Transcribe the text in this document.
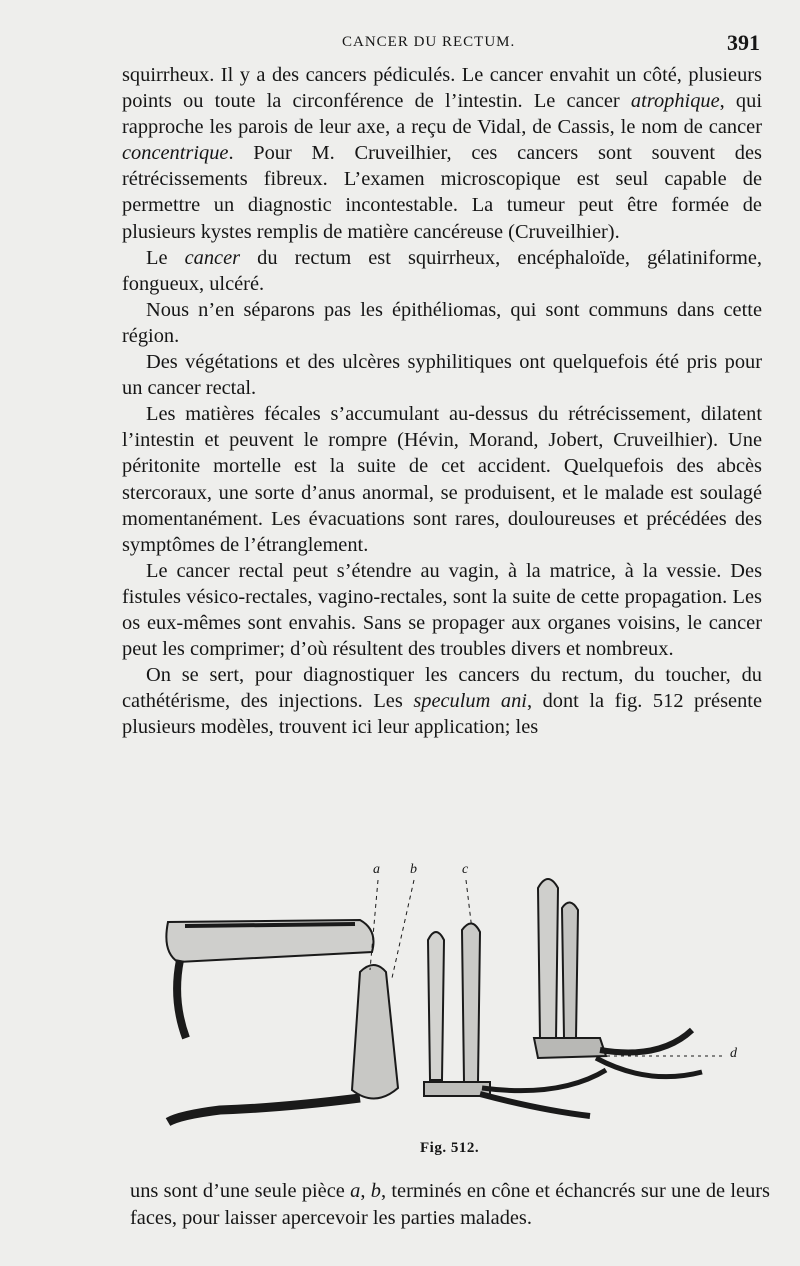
CANCER DU RECTUM.	391

squirrheux. Il y a des cancers pédiculés. Le cancer envahit un côté, plusieurs points ou toute la circonférence de l’intestin. Le cancer atrophique, qui rapproche les parois de leur axe, a reçu de Vidal, de Cassis, le nom de cancer concentrique. Pour M. Cruveilhier, ces cancers sont souvent des rétrécissements fibreux. L’examen microscopique est seul capable de permettre un diagnostic incontestable. La tumeur peut être formée de plusieurs kystes remplis de matière cancéreuse (Cruveilhier).

Le cancer du rectum est squirrheux, encéphaloïde, gélatiniforme, fongueux, ulcéré.

Nous n’en séparons pas les épithéliomas, qui sont communs dans cette région.

Des végétations et des ulcères syphilitiques ont quelquefois été pris pour un cancer rectal.

Les matières fécales s’accumulant au-dessus du rétrécissement, dilatent l’intestin et peuvent le rompre (Hévin, Morand, Jobert, Cruveilhier). Une péritonite mortelle est la suite de cet accident. Quelquefois des abcès stercoraux, une sorte d’anus anormal, se produisent, et le malade est soulagé momentanément. Les évacuations sont rares, douloureuses et précédées des symptômes de l’étranglement.

Le cancer rectal peut s’étendre au vagin, à la matrice, à la vessie. Des fistules vésico-rectales, vagino-rectales, sont la suite de cette propagation. Les os eux-mêmes sont envahis. Sans se propager aux organes voisins, le cancer peut les comprimer; d’où résultent des troubles divers et nombreux.

On se sert, pour diagnostiquer les cancers du rectum, du toucher, du cathétérisme, des injections. Les speculum ani, dont la fig. 512 présente plusieurs modèles, trouvent ici leur application; les

a b	c
d
Fig. 512.

uns sont d’une seule pièce a, b, terminés en cône et échancrés sur une de leurs faces, pour laisser apercevoir les parties malades.
